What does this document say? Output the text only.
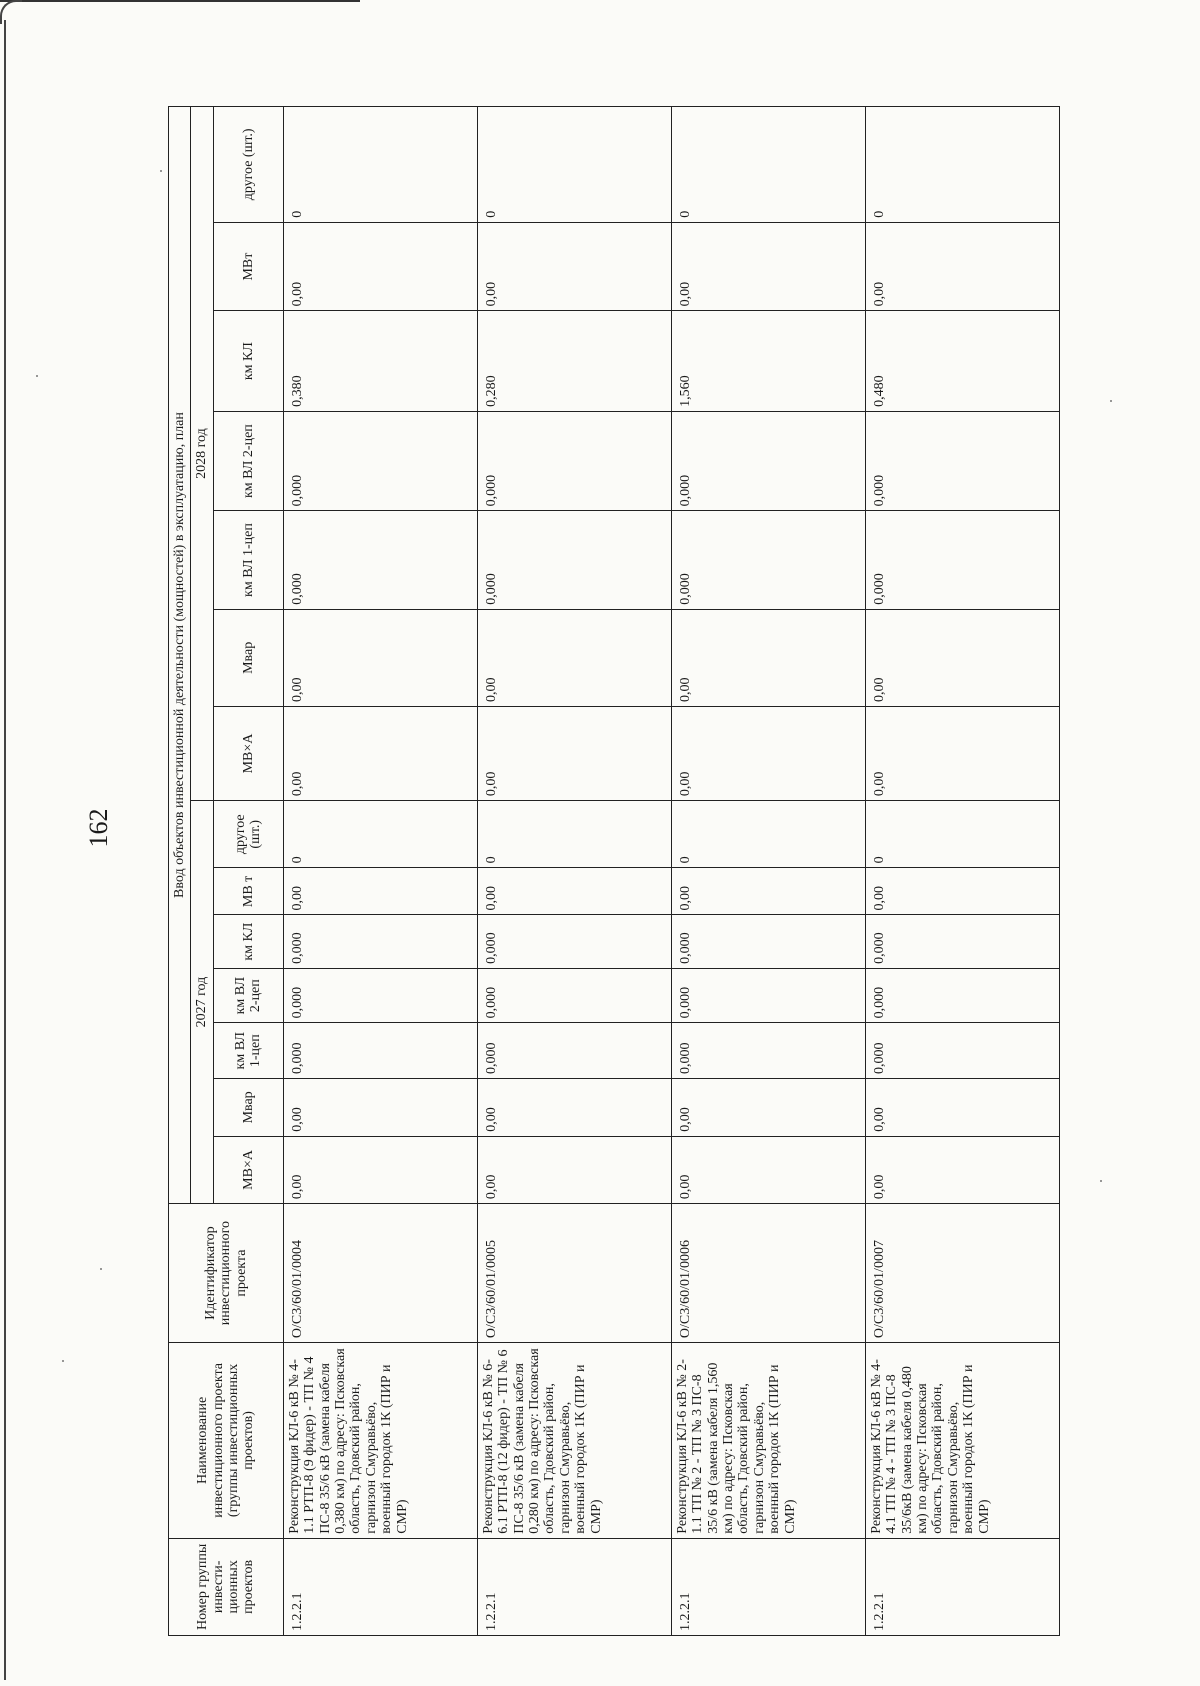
162
Номер группы инвести-ционных проектов	Наименование инвестиционного проекта (группы инвестиционных проектов)	Идентификатор инвестиционного проекта	Ввод объектов инвестиционной деятельности (мощностей) в эксплуатацию, план													
			2027 год							2028 год						
			МВ×А	Мвар	км ВЛ 1-цеп	км ВЛ 2-цеп	км КЛ	МВ т	другое (шт.)	МВ×А	Мвар	км ВЛ 1-цеп	км ВЛ 2-цеп	км КЛ	МВт	другое (шт.)
1.2.2.1	Реконструкция КЛ-6 кВ № 4-1.1 РТП-8 (9 фидер) - ТП № 4 ПС-8 35/6 кВ (замена кабеля 0,380 км) по адресу: Псковская область, Гдовский район, гарнизон Смуравьёво, военный городок 1К (ПИР и СМР)	О/С3/60/01/0004	0,00	0,00	0,000	0,000	0,000	0,00	0	0,00	0,00	0,000	0,000	0,380	0,00	0
1.2.2.1	Реконструкция КЛ-6 кВ № 6-6.1 РТП-8 (12 фидер) - ТП № 6 ПС-8 35/6 кВ (замена кабеля 0,280 км) по адресу: Псковская область, Гдовский район, гарнизон Смуравьёво, военный городок 1К (ПИР и СМР)	О/С3/60/01/0005	0,00	0,00	0,000	0,000	0,000	0,00	0	0,00	0,00	0,000	0,000	0,280	0,00	0
1.2.2.1	Реконструкция КЛ-6 кВ № 2-1.1 ТП № 2 - ТП № 3 ПС-8 35/6 кВ (замена кабеля 1,560 км) по адресу: Псковская область, Гдовский район, гарнизон Смуравьёво, военный городок 1К (ПИР и СМР)	О/С3/60/01/0006	0,00	0,00	0,000	0,000	0,000	0,00	0	0,00	0,00	0,000	0,000	1,560	0,00	0
1.2.2.1	Реконструкция КЛ-6 кВ № 4-4.1 ТП № 4 - ТП № 3 ПС-8 35/6кВ (замена кабеля 0,480 км) по адресу: Псковская область, Гдовский район, гарнизон Смуравьёво, военный городок 1К (ПИР и СМР)	О/С3/60/01/0007	0,00	0,00	0,000	0,000	0,000	0,00	0	0,00	0,00	0,000	0,000	0,480	0,00	0
